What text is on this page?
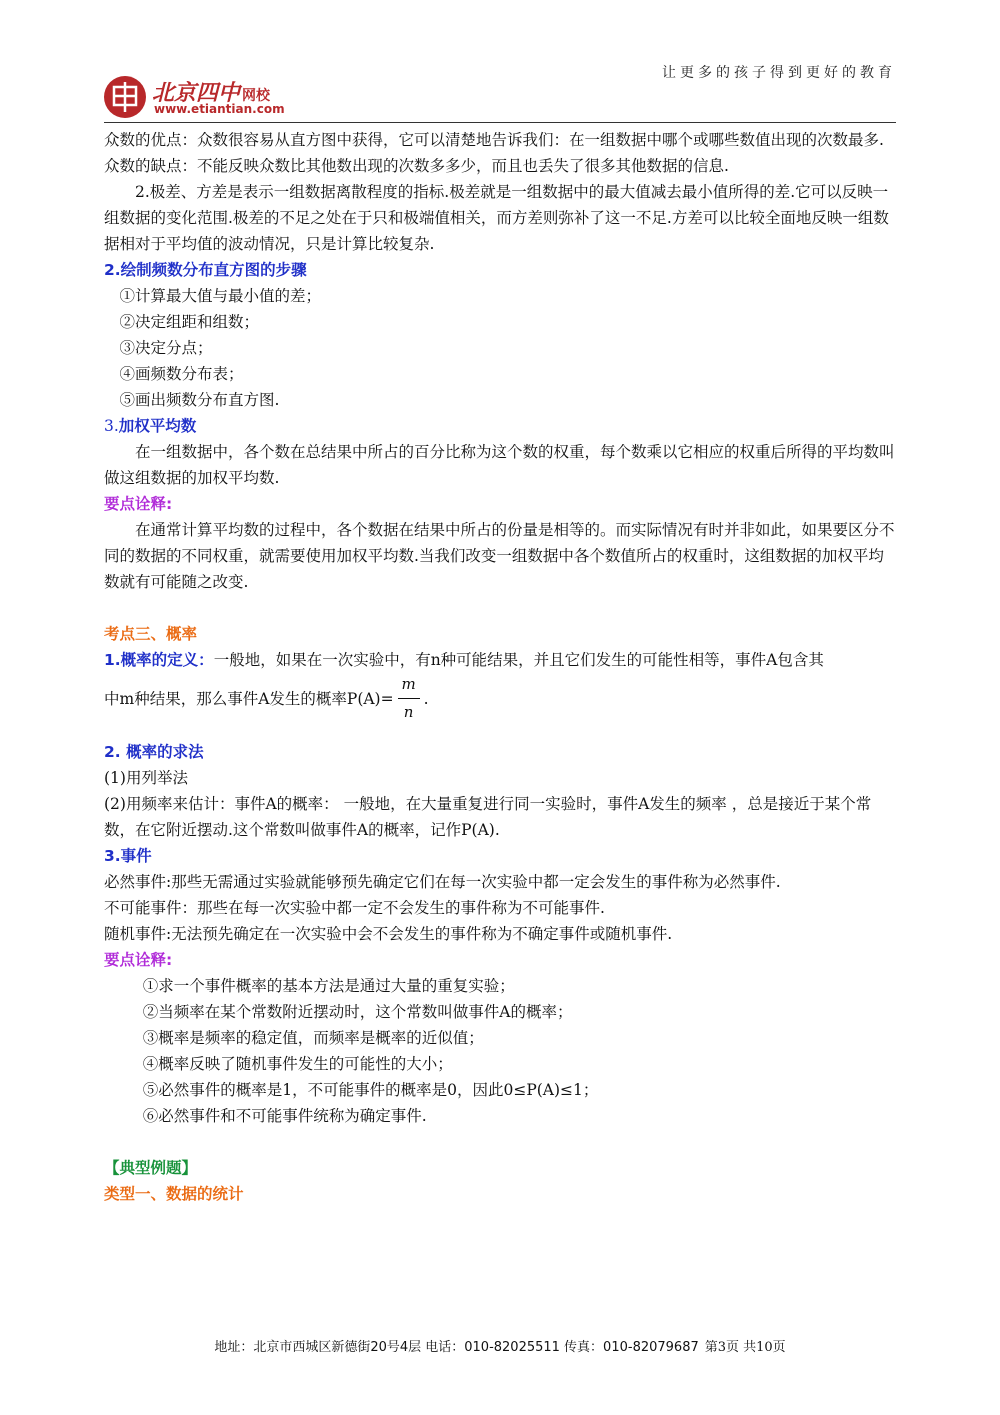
让更多的孩子得到更好的教育
北京四中 网校
www.etiantian.com

众数的优点：众数很容易从直方图中获得，它可以清楚地告诉我们：在一组数据中哪个或哪些数值出现的次数最多.

众数的缺点：不能反映众数比其他数出现的次数多多少，而且也丢失了很多其他数据的信息.

2.极差、方差是表示一组数据离散程度的指标.极差就是一组数据中的最大值减去最小值所得的差.它可以反映一组数据的变化范围.极差的不足之处在于只和极端值相关，而方差则弥补了这一不足.方差可以比较全面地反映一组数据相对于平均值的波动情况，只是计算比较复杂.

2.绘制频数分布直方图的步骤

①计算最大值与最小值的差；

②决定组距和组数；

③决定分点；

④画频数分布表；

⑤画出频数分布直方图.

3.加权平均数

在一组数据中，各个数在总结果中所占的百分比称为这个数的权重，每个数乘以它相应的权重后所得的平均数叫做这组数据的加权平均数.

要点诠释:

在通常计算平均数的过程中，各个数据在结果中所占的份量是相等的。而实际情况有时并非如此，如果要区分不同的数据的不同权重，就需要使用加权平均数.当我们改变一组数据中各个数值所占的权重时，这组数据的加权平均数就有可能随之改变.

考点三、概率

1.概率的定义：一般地，如果在一次实验中，有n种可能结果，并且它们发生的可能性相等，事件A包含其

中m种结果，那么事件A发生的概率$P(A)= \frac{m}{n}$ .

2. 概率的求法

(1)用列举法

(2)用频率来估计：事件A的概率： 一般地，在大量重复进行同一实验时，事件A发生的频率 ，总是接近于某个常数，在它附近摆动.这个常数叫做事件A的概率，记作P(A).

3.事件

必然事件:那些无需通过实验就能够预先确定它们在每一次实验中都一定会发生的事件称为必然事件.

不可能事件：那些在每一次实验中都一定不会发生的事件称为不可能事件.

随机事件:无法预先确定在一次实验中会不会发生的事件称为不确定事件或随机事件.

要点诠释:

①求一个事件概率的基本方法是通过大量的重复实验；

②当频率在某个常数附近摆动时，这个常数叫做事件A的概率；

③概率是频率的稳定值，而频率是概率的近似值；

④概率反映了随机事件发生的可能性的大小；

⑤必然事件的概率是1，不可能事件的概率是0，因此0≤P(A)≤1；

⑥必然事件和不可能事件统称为确定事件.

【典型例题】

类型一、数据的统计

地址：北京市西城区新德街20号4层 电话：010-82025511 传真：010-82079687 第3页 共10页
